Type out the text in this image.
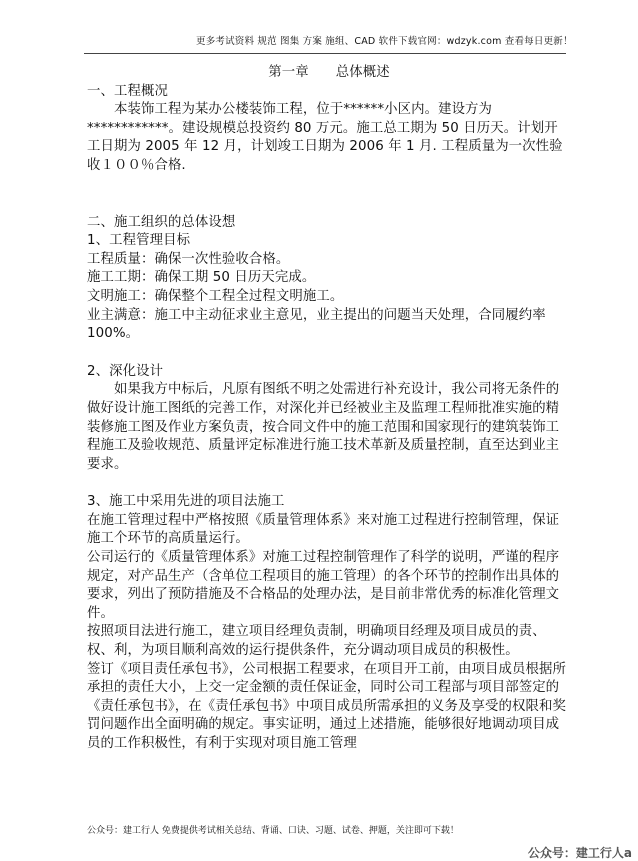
更多考试资料 规范 图集 方案 施组、CAD 软件下载官网：wdzyk.com 查看每日更新！

第一章　　总体概述

一、工程概况

本装饰工程为某办公楼装饰工程，位于******小区内。建设方为************。建设规模总投资约 80 万元。施工总工期为 50 日历天。计划开工日期为 2005 年 12 月，计划竣工日期为 2006 年 1 月. 工程质量为一次性验收１００％合格.

二、施工组织的总体设想

1、工程管理目标

工程质量：确保一次性验收合格。

施工工期：确保工期 50 日历天完成。

文明施工：确保整个工程全过程文明施工。

业主满意：施工中主动征求业主意见，业主提出的问题当天处理，合同履约率 100%。

2、深化设计

如果我方中标后，凡原有图纸不明之处需进行补充设计，我公司将无条件的做好设计施工图纸的完善工作，对深化并已经被业主及监理工程师批准实施的精装修施工图及作业方案负责，按合同文件中的施工范围和国家现行的建筑装饰工程施工及验收规范、质量评定标准进行施工技术革新及质量控制，直至达到业主要求。

3、施工中采用先进的项目法施工

在施工管理过程中严格按照《质量管理体系》来对施工过程进行控制管理，保证施工个环节的高质量运行。

公司运行的《质量管理体系》对施工过程控制管理作了科学的说明，严谨的程序规定，对产品生产（含单位工程项目的施工管理）的各个环节的控制作出具体的要求，列出了预防措施及不合格品的处理办法，是目前非常优秀的标准化管理文件。

按照项目法进行施工，建立项目经理负责制，明确项目经理及项目成员的责、权、利，为项目顺利高效的运行提供条件，充分调动项目成员的积极性。

签订《项目责任承包书》，公司根据工程要求，在项目开工前，由项目成员根据所承担的责任大小，上交一定金额的责任保证金，同时公司工程部与项目部签定的《责任承包书》，在《责任承包书》中项目成员所需承担的义务及享受的权限和奖罚问题作出全面明确的规定。事实证明，通过上述措施，能够很好地调动项目成员的工作积极性，有利于实现对项目施工管理

公众号：建工行人 免费提供考试相关总结、背诵、口诀、习题、试卷、押题，关注即可下载！
公众号：建工行人a
